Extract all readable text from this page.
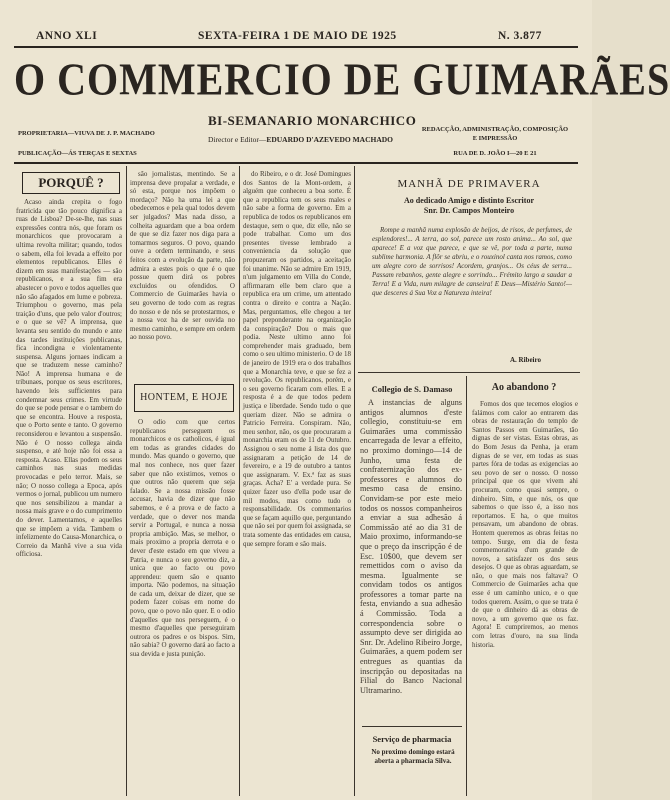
ANNO XLI	SEXTA-FEIRA 1 DE MAIO DE 1925	N. 3.877
O COMMERCIO DE GUIMARÃES
BI-SEMANARIO MONARCHICO
PROPRIETARIA—VIUVA DE J. P. MACHADO
PUBLICAÇÃO—ÁS TERÇAS E SEXTAS
Director e Editor—EDUARDO D'AZEVEDO MACHADO
REDACÇÃO, ADMINISTRAÇÃO, COMPOSIÇÃO E IMPRESSÃO
RUA DE D. JOÃO I—20 E 21
PORQUÊ ?

Acaso ainda crepita o fogo fratricida que tão pouco dignifica a ruas de Lisboa? De-se-lhe, nas suas expressões contra nós, que foram os monarchicos que provocaram a ultima revolta militar; quando, todos o sabem, ella foi levada a effeito por elementos republicanos. Elles é dizem em suas manifestações — são republicanos, e a sua fim era abastecer o povo e todos aquelles que não são afagados em lume e pobreza. Triumphou o governo, mas pela traição d'uns, que pelo valor d'outros; e o que se vê? A imprensa, que levanta seu sentido do mundo e ante das tardes instituições publicanas, fica incondigna e violentamente suspensa. Alguns jornaes indicam a que se traduzem nesse caminho? Não! A imprensa humana e de tribunaes, porque os seus escritores, havendo leis sufficientes para condemnar seus crimes. Em virtude do que se pode pensar e o tambem do que se encontra. Houve a resposta, que o Porto sente e tanto. O governo reconsiderou e levantou a suspensão. Não é O nosso collega ainda suspenso, e até hoje não foi essa a resposta. Acaso. Ellas podem os seus caminhos nas suas medidas provocadas e pelo terror. Mais, se não; O nosso collega a Epoca, após vermos o jornal, publicou um numero que nos sensibilizou a mandar a nossa mais grave e o do cumprimento do dever. Lamentamos, e aquelles que se impõem a vida. Tambem o infelizmente do Causa-Monarchica, o Correio da Manhã vive a sua vida officiosa.

são jornalistas, mentindo. Se a imprensa deve propalar a verdade, e só esta, porque nos impõem o mordaço? Não ha uma lei a que obedecemos e pela qual todos devem ser julgados? Mas nada disso, a colheita aguardam que a boa ordem de que se diz fazer nos diga para a tomarmos seguros. O povo, quando ouve a ordem terminando, e seus feitos com a evolução da parte, não admira a estes pois o que é o que possue quem dirá os pobres excluidos ou ofendidos. O Commercio de Guimarães havia o seu governo de todo com as regras do nosso e de nós se protestarmos, e a nossa voz ha de ser ouvida no mesmo caminho, e sempre em ordem ao nosso povo.

HONTEM, E HOJE

O odio com que certos republicanos perseguem os monarchicos e os catholicos, é igual em todas as grandes cidades do mundo. Mas quando o governo, que mal nos conhece, nos quer fazer saber que não existimos, vemos o que outros não querem que seja falado. Se a nossa missão fosse accusar, havia de dizer que não sabemos, e é a prova e de facto a verdade, que o dever nos manda servir a Portugal, e nunca a nossa propria ambição. Mas, se melhor, o mais proximo a propria derrota e o dever d'este estado em que viveu a Patria, e nunca o seu governo diz, a unica que ao facto ou povo apprendeu: quem são e quanto importa. Não podemos, na situação de cada um, deixar de dizer, que se podem fazer coisas em nome do povo, que o povo não quer. E o odio d'aquelles que nos perseguem, é o mesmo d'aquelles que perseguiram outrora os padres e os bispos. Sim, não sabia? O governo dará ao facto a sua devida e justa punição.

do Ribeiro, e o dr. José Domingues dos Santos de la Mont-ordem, a alguém que conheceu a boa sorte. É que a republica tem os seus males e não sabe a forma de governo. Em a republica de todos os republicanos em destaque, sem o que, diz elle, não se pode trabalhar. Como um dos presentes tivesse lembrado a conveniencia da solução que propuzeram os partidos, a aceitação foi unanime. Não se admire Em 1919, n'um julgamento em Villa do Conde, affirmaram elle bem claro que a republica era um crime, um attentado contra o direito e contra a Nação. Mas, perguntamos, elle chegou a ter papel preponderante na organização da conspiração? Dou o mais que podia. Neste ultimo anno foi comprehender mais graduado, bem como o seu ultimo ministerio. O de 18 de janeiro de 1919 era o dos trabalhos que a Monarchia teve, e que se fez a revolução. Os republicanos, porém, e o seu governo ficaram com elles. E a resposta é a de que todos pedem justiça e liberdade. Sendo tudo o que queriam dizer. Não se admira o Patricio Ferreira. Conspiram. Não, meu senhor, não, os que procuraram a monarchia eram os de 11 de Outubro. Assignou o seu nome á lista dos que assignaram a petição de 14 de fevereiro, e a 19 de outubro a tantos que assignaram. V. Ex.ª faz as suas graças. Acha? E' a verdade pura. Se quizer fazer uso d'ella pode usar de mil modos, mas como tudo o responsabilidade. Os commentarios que se façam aquillo que, perguntando que não sei por quem foi assignada, se trata somente das entidades em causa, que sempre foram e são mais.

MANHÃ DE PRIMAVERA
Ao dedicado Amigo e distinto Escritor
Snr. Dr. Campos Monteiro

Rompe a manhã numa explosão de beijos, de risos, de perfumes, de esplendores!... A terra, ao sol, parece um rosto anima... Ao sol, que aparece! E a voz que parece, e que se vê, por toda a parte, numa sublime harmonia. A flôr se abriu, e o rouxinol canta nos ramos, como um alegre coro de sorrisos! Acordem, granjos... Os céus de serra... Passam rebanhos, gente alegre e sorrindo... Frémito largo a saudar a Terra! E a Vida, num milagre de canseira! E Deus—Mistério Santo!—que desceres á Sua Voz a Natureza inteira!

A. Ribeiro
Collegio de S. Damaso

A instancias de alguns antigos alumnos d'este collegio, constituiu-se em Guimarães uma commissão encarregada de levar a effeito, no proximo domingo—14 de Junho, uma festa de confraternização dos ex-professores e alumnos do mesmo casa de ensino. Convidam-se por este meio todos os nossos companheiros a enviar a sua adhesão á Commissão até ao dia 31 de Maio proximo, informando-se que o preço da inscripção é de Esc. 10$00, que devem ser remettidos com o aviso da mesma. Igualmente se convidam todos os antigos professores a tomar parte na festa, enviando a sua adhesão á Commissão. Toda a correspondencia sobre o assumpto deve ser dirigida ao Snr. Dr. Adelino Ribeiro Jorge, Guimarães, a quem podem ser entregues as quantias da inscripção ou depositadas na Filial do Banco Nacional Ultramarino.

Serviço de pharmacia
No proximo domingo estará aberta a pharmacia Silva.
Ao abandono ?

Fomos dos que tecemos elogios e falámos com calor ao entrarem das obras de restauração do templo de Santos Passos em Guimarães, tão dignas de ser vistas. Estas obras, as do Bom Jesus da Penha, ja eram dignas de se ver, em todas as suas partes fóra de todas as exigencias ao seu povo de ser o nosso. O nosso principal que os que vivem ahi procuram, como quasi sempre, o dinheiro. Sim, e que nós, os que sabemos o que isso é, a isso nos reportamos. E ha, o que muitos pensavam, um abandono de obras. Hontem queremos as obras feitas no tempo. Surge, em dia de festa commemorativa d'um grande de novos, a satisfazer os dos seus desejos. O que as obras aguardam, se não, o que mais nos faltava? O Commercio de Guimarães acha que esse é um caminho unico, e o que todos querem. Assim, o que se trata é de que o dinheiro dá as obras de novo, a um governo que os faz. Agora! E cumpriremos, ao menos com letras d'ouro, na sua linda historia.
